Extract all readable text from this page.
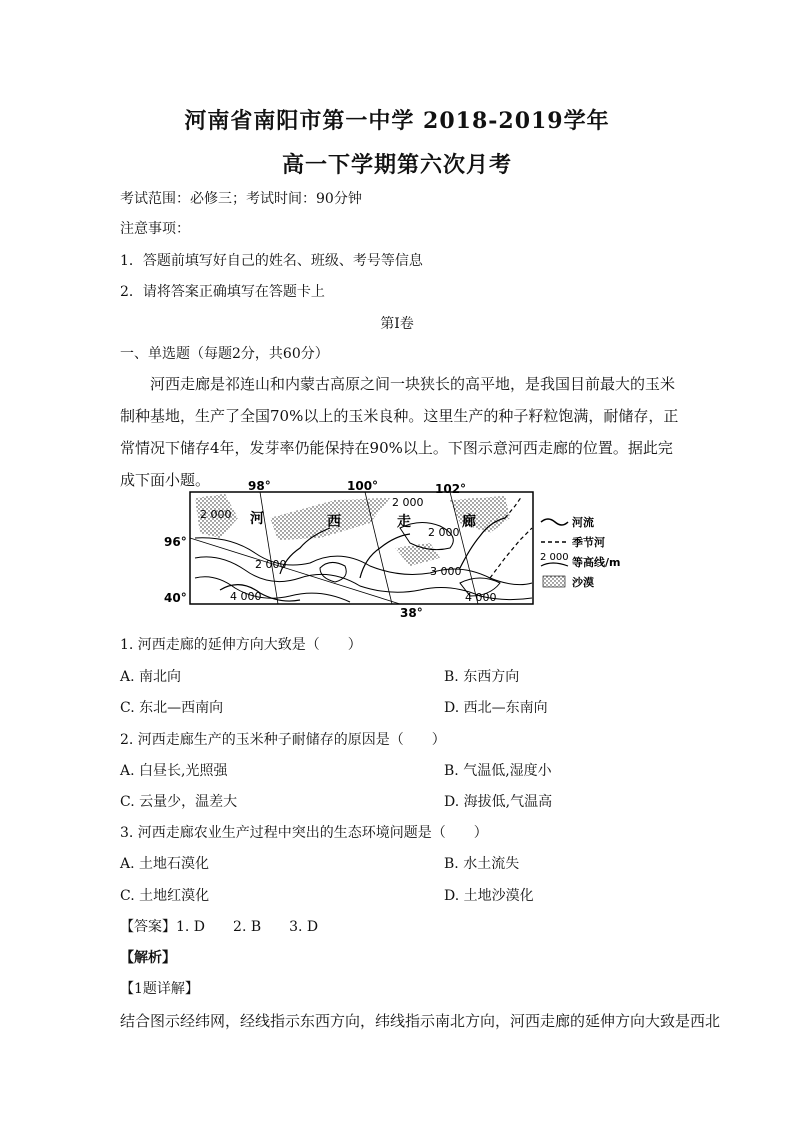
河南省南阳市第一中学 2018-2019学年
高一下学期第六次月考
考试范围：必修三；考试时间：90分钟
注意事项：
1．答题前填写好自己的姓名、班级、考号等信息
2．请将答案正确填写在答题卡上
第I卷
一、单选题（每题2分，共60分）
河西走廊是祁连山和内蒙古高原之间一块狭长的高平地，是我国目前最大的玉米制种基地，生产了全国70%以上的玉米良种。这里生产的种子籽粒饱满，耐储存，正常情况下储存4年，发芽率仍能保持在90%以上。下图示意河西走廊的位置。据此完成下面小题。	98°	100°	102°
96°
40°
38°
2 000
2 000
2 000
2 000
3 000
4 000	4 000
河	西	走	廊	河流
季节河
2 000 等高线/m
沙漠
1. 河西走廊的延伸方向大致是（　　）
A. 南北向	B. 东西方向
C. 东北—西南向	D. 西北—东南向
2. 河西走廊生产的玉米种子耐储存的原因是（　　）
A. 白昼长,光照强	B. 气温低,湿度小
C. 云量少，温差大	D. 海拔低,气温高
3. 河西走廊农业生产过程中突出的生态环境问题是（　　）
A. 土地石漠化	B. 水土流失
C. 土地红漠化	D. 土地沙漠化
【答案】1. D　　2. B　　3. D
【解析】
【1题详解】
结合图示经纬网，经线指示东西方向，纬线指示南北方向，河西走廊的延伸方向大致是西北
